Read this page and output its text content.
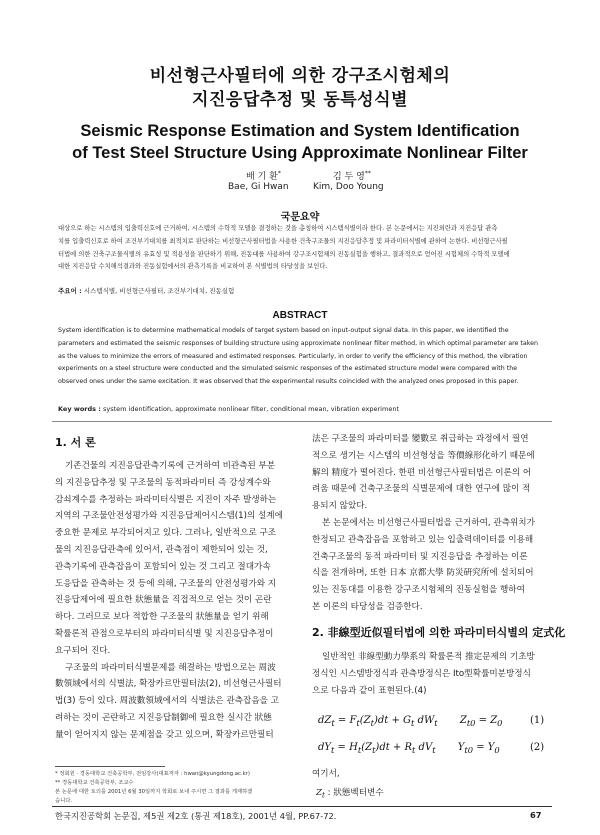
비선형근사필터에 의한 강구조시험체의
지진응답추정 및 동특성식별
Seismic Response Estimation and System Identification
of Test Steel Structure Using Approximate Nonlinear Filter
배 기 환*	김 두 영**
Bae, Gi Hwan	Kim, Doo Young
국문요약
대상으로 하는 시스템의 입출력신호에 근거하여, 시스템의 수학적 모델을 결정하는 것을 총칭하여 시스템식별이라 한다. 본 논문에서는 지진외란과 지진응답 관측
치를 입출력신호로 하여 조건부기대치를 최적치로 판단하는 비선형근사필터법을 사용한 건축구조물의 지진응답추정 및 파라미터식별에 관하여 논한다. 비선형근사필
터법에 의한 건축구조물식별의 유효성 및 적용성을 판단하기 위해, 진동대를 사용하여 강구조시험체의 진동실험을 행하고, 결과적으로 얻어진 시험체의 수학적 모델에
대한 지진응답 수치해석결과와 진동실험에서의 관측기록을 비교하여 본 식별법의 타당성을 보인다.
주요어 : 시스템식별, 비선형근사필터, 조건부기대치, 진동실험
ABSTRACT
System identification is to determine mathematical models of target system based on input-output signal data. In this paper, we identified the
parameters and estimated the seismic responses of building structure using approximate nonlinear filter method, in which optimal parameter are taken
as the values to minimize the errors of measured and estimated responses. Particularly, in order to verify the efficiency of this method, the vibration
experiments on a steel structure were conducted and the simulated seismic responses of the estimated structure model were compared with the
observed ones under the same excitation. It was observed that the experimental results coincided with the analyzed ones proposed in this paper.
Key words : system identification, approximate nonlinear filter, conditional mean, vibration experiment
1. 서 론
기존건물의 지진응답관측기록에 근거하여 비관측된 부분
의 지진응답추정 및 구조물의 동적파라미터 즉 강성계수와
감쇠계수를 추정하는 파라미터식별은 지진이 자주 발생하는
지역의 구조물안전성평가와 지진응답제어시스템(1)의 설계에
중요한 문제로 부각되어지고 있다. 그러나, 일반적으로 구조
물의 지진응답관측에 있어서, 관측점이 제한되어 있는 것,
관측기록에 관측잡음이 포함되어 있는 것 그리고 절대가속
도응답을 관측하는 것 등에 의해, 구조물의 안전성평가와 지
진응답제어에 필요한 狀態量을 직접적으로 얻는 것이 곤란
하다. 그러므로 보다 적합한 구조물의 狀態量을 얻기 위해
확률론적 관점으로부터의 파라미터식별 및 지진응답추정이
요구되어 진다.
구조물의 파라미터식별문제를 해결하는 방법으로는 周波
數領域에서의 식별法, 확장카르만필터法(2), 비선형근사필터
법(3) 등이 있다. 周波數領域에서의 식별法은 관측잡음을 고
려하는 것이 곤란하고 지진응답制御에 필요한 실시간 狀態
量이 얻어지지 않는 문제점을 갖고 있으며, 확장카르만필터
法은 구조물의 파라미터를 變數로 취급하는 과정에서 필연
적으로 생기는 시스템의 비선형성을 等價線形化하기 때문에
解의 精度가 떨어진다. 한편 비선형근사필터법은 이론의 어
려움 때문에 건축구조물의 식별문제에 대한 연구에 많이 적
용되지 않았다.
본 논문에서는 비선형근사필터법을 근거하여, 관측위치가
한정되고 관측잡음을 포함하고 있는 입출력데이터를 이용해
건축구조물의 동적 파라미터 및 지진응답을 추정하는 이론
식을 전개하며, 또한 日本 京都大學 防災硏究所에 설치되어
있는 진동대를 이용한 강구조시험체의 진동실험을 행하여
본 이론의 타당성을 검증한다.
2. 非線型近似필터법에 의한 파라미터식별의 定式化
일반적인 非線型動力學系의 확률론적 推定문제의 기초방
정식인 시스템방정식과 관측방정식은 Ito型확률미분방정식
으로 다음과 같이 표현된다.(4)
$dZ_t = F_t(Z_t)dt + G_t$ $dW_t$       $Z_{t0} = Z_0$	(1)
$dY_t = H_t(Z_t)dt + R_t$ $dV_t$       $Y_{t0} = Y_0$	(2)
여기서,
$Z_t$ : 狀態벡터변수
* 정회원 · 경동대학교 건축공학부, 전임강사(대표저자 : hwan@kyungdong.ac.kr)
** 경동대학교 건축공학부, 조교수
본 논문에 대한 토의를 2001년 6월 30일까지 학회로 보내 주시면 그 결과를 게재하겠
습니다.
한국지진공학회 논문집, 제5권 제2호 (통권 제18호), 2001년 4월, PP.67-72.	67
